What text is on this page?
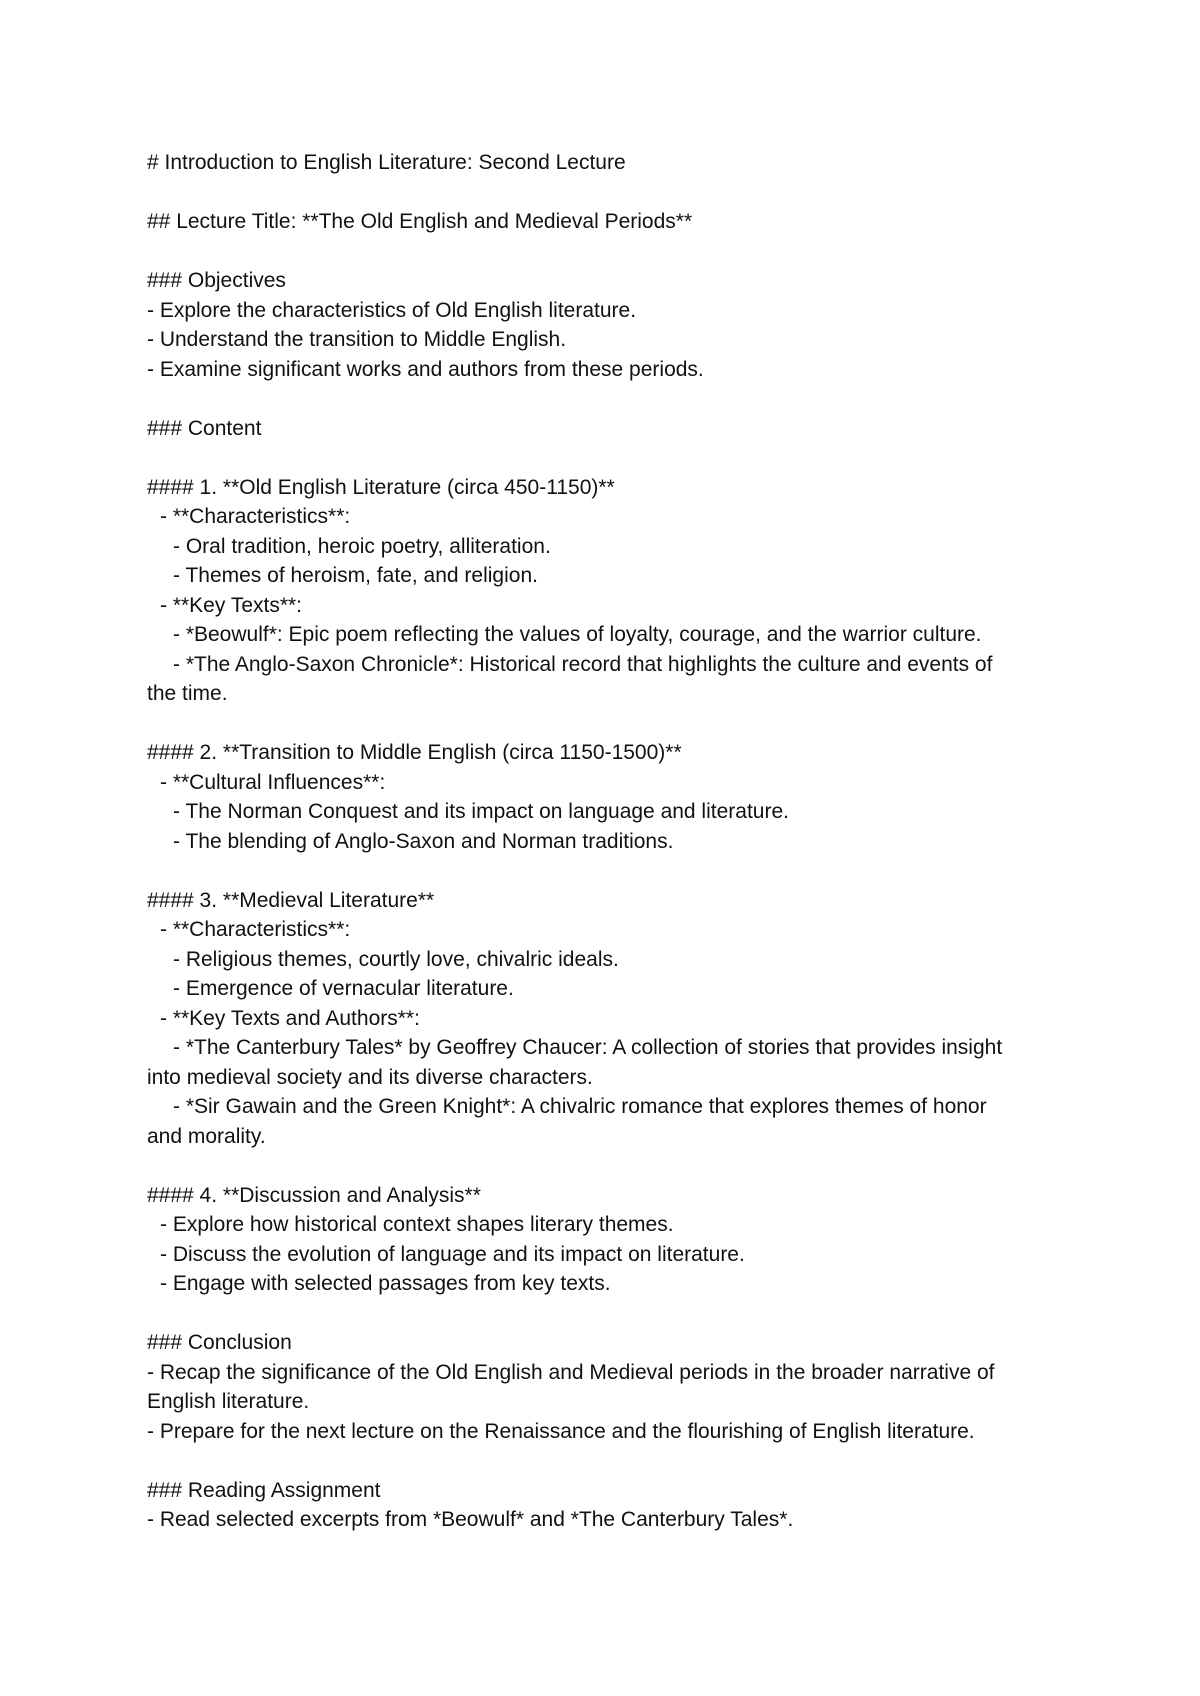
# Introduction to English Literature: Second Lecture

## Lecture Title: **The Old English and Medieval Periods**

### Objectives

- Explore the characteristics of Old English literature.

- Understand the transition to Middle English.

- Examine significant works and authors from these periods.

### Content

#### 1. **Old English Literature (circa 450-1150)**

- **Characteristics**:

- Oral tradition, heroic poetry, alliteration.

- Themes of heroism, fate, and religion.

- **Key Texts**:

- *Beowulf*: Epic poem reflecting the values of loyalty, courage, and the warrior culture.

- *The Anglo-Saxon Chronicle*: Historical record that highlights the culture and events of

the time.

#### 2. **Transition to Middle English (circa 1150-1500)**

- **Cultural Influences**:

- The Norman Conquest and its impact on language and literature.

- The blending of Anglo-Saxon and Norman traditions.

#### 3. **Medieval Literature**

- **Characteristics**:

- Religious themes, courtly love, chivalric ideals.

- Emergence of vernacular literature.

- **Key Texts and Authors**:

- *The Canterbury Tales* by Geoffrey Chaucer: A collection of stories that provides insight

into medieval society and its diverse characters.

- *Sir Gawain and the Green Knight*: A chivalric romance that explores themes of honor

and morality.

#### 4. **Discussion and Analysis**

- Explore how historical context shapes literary themes.

- Discuss the evolution of language and its impact on literature.

- Engage with selected passages from key texts.

### Conclusion

- Recap the significance of the Old English and Medieval periods in the broader narrative of

English literature.

- Prepare for the next lecture on the Renaissance and the flourishing of English literature.

### Reading Assignment

- Read selected excerpts from *Beowulf* and *The Canterbury Tales*.
